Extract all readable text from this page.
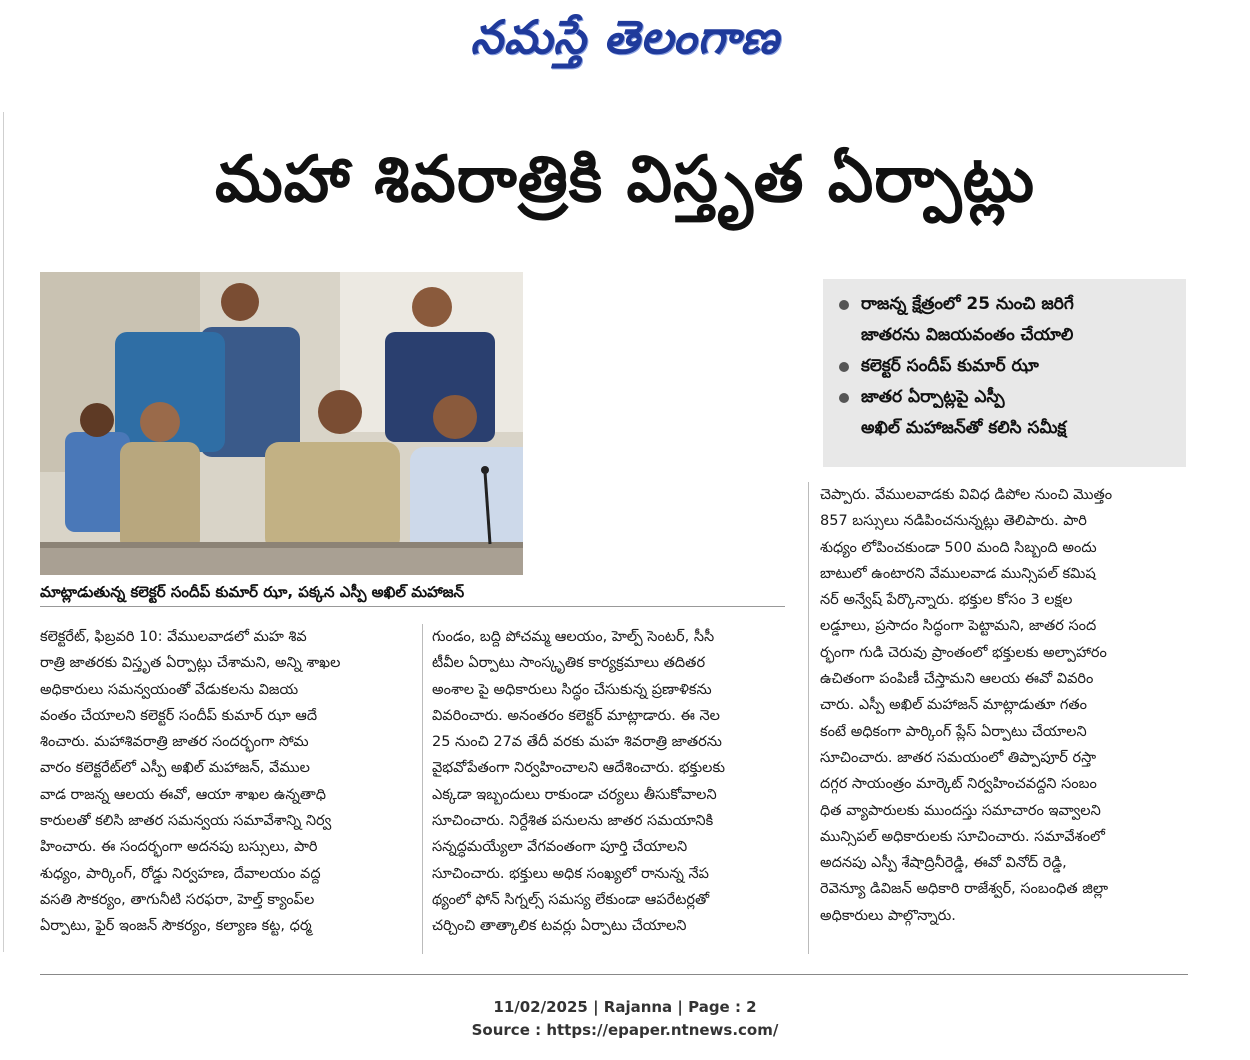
నమస్తే తెలంగాణ
మహా శివరాత్రికి విస్తృత ఏర్పాట్లు
మాట్లాడుతున్న కలెక్టర్ సందీప్ కుమార్ ఝా, పక్కన ఎస్పీ అఖిల్ మహాజన్
రాజన్న క్షేత్రంలో 25 నుంచి జరిగే
జాతరను విజయవంతం చేయాలి
కలెక్టర్ సందీప్ కుమార్ ఝా
జాతర ఏర్పాట్లపై ఎస్పీ
అఖిల్ మహాజన్‌తో కలిసి సమీక్ష
కలెక్టరేట్, ఫిబ్రవరి 10: వేములవాడలో మహ శివ
రాత్రి జాతరకు విస్తృత ఏర్పాట్లు చేశామని, అన్ని శాఖల
అధికారులు సమన్వయంతో వేడుకలను విజయ
వంతం చేయాలని కలెక్టర్ సందీప్ కుమార్ ఝా ఆదే
శించారు. మహాశివరాత్రి జాతర సందర్భంగా సోమ
వారం కలెక్టరేట్‌లో ఎస్పీ అఖిల్ మహాజన్, వేముల
వాడ రాజన్న ఆలయ ఈవో, ఆయా శాఖల ఉన్నతాధి
కారులతో కలిసి జాతర సమన్వయ సమావేశాన్ని నిర్వ
హించారు. ఈ సందర్భంగా అదనపు బస్సులు, పారి
శుధ్యం, పార్కింగ్, రోడ్డు నిర్వహణ, దేవాలయం వద్ద
వసతి సౌకర్యం, తాగునీటి సరఫరా, హెల్త్ క్యాంప్‌ల
ఏర్పాటు, ఫైర్ ఇంజన్ సౌకర్యం, కల్యాణ కట్ట, ధర్మ
గుండం, బద్ది పోచమ్మ ఆలయం, హెల్ప్ సెంటర్, సీసీ
టీవీల ఏర్పాటు సాంస్కృతిక కార్యక్రమాలు తదితర
అంశాల పై అధికారులు సిద్ధం చేసుకున్న ప్రణాళికను
వివరించారు. అనంతరం కలెక్టర్ మాట్లాడారు. ఈ నెల
25 నుంచి 27వ తేదీ వరకు మహ శివరాత్రి జాతరను
వైభవోపేతంగా నిర్వహించాలని ఆదేశించారు. భక్తులకు
ఎక్కడా ఇబ్బందులు రాకుండా చర్యలు తీసుకోవాలని
సూచించారు. నిర్దేశిత పనులను జాతర సమయానికి
సన్నద్ధమయ్యేలా వేగవంతంగా పూర్తి చేయాలని
సూచించారు. భక్తులు అధిక సంఖ్యలో రానున్న నేప
థ్యంలో ఫోన్ సిగ్నల్స్ సమస్య లేకుండా ఆపరేటర్లతో
చర్చించి తాత్కాలిక టవర్లు ఏర్పాటు చేయాలని
చెప్పారు. వేములవాడకు వివిధ డిపోల నుంచి మొత్తం
857 బస్సులు నడిపించనున్నట్లు తెలిపారు. పారి
శుధ్యం లోపించకుండా 500 మంది సిబ్బంది అందు
బాటులో ఉంటారని వేములవాడ మున్సిపల్ కమిష
నర్ అన్వేష్ పేర్కొన్నారు. భక్తుల కోసం 3 లక్షల
లడ్డూలు, ప్రసాదం సిద్ధంగా పెట్టామని, జాతర సంద
ర్భంగా గుడి చెరువు ప్రాంతంలో భక్తులకు అల్పాహారం
ఉచితంగా పంపిణీ చేస్తామని ఆలయ ఈవో వివరిం
చారు. ఎస్పీ అఖిల్ మహాజన్ మాట్లాడుతూ గతం
కంటే అధికంగా పార్కింగ్ ప్లేస్ ఏర్పాటు చేయాలని
సూచించారు. జాతర సమయంలో తిప్పాపూర్ రస్తా
దగ్గర సాయంత్రం మార్కెట్ నిర్వహించవద్దని సంబం
ధిత వ్యాపారులకు ముందస్తు సమాచారం ఇవ్వాలని
మున్సిపల్ అధికారులకు సూచించారు. సమావేశంలో
అదనపు ఎస్పీ శేషాద్రినీరెడ్డి, ఈవో వినోద్ రెడ్డి,
రెవెన్యూ డివిజన్ అధికారి రాజేశ్వర్, సంబంధిత జిల్లా
అధికారులు పాల్గొన్నారు.
11/02/2025 | Rajanna | Page : 2
Source : https://epaper.ntnews.com/
